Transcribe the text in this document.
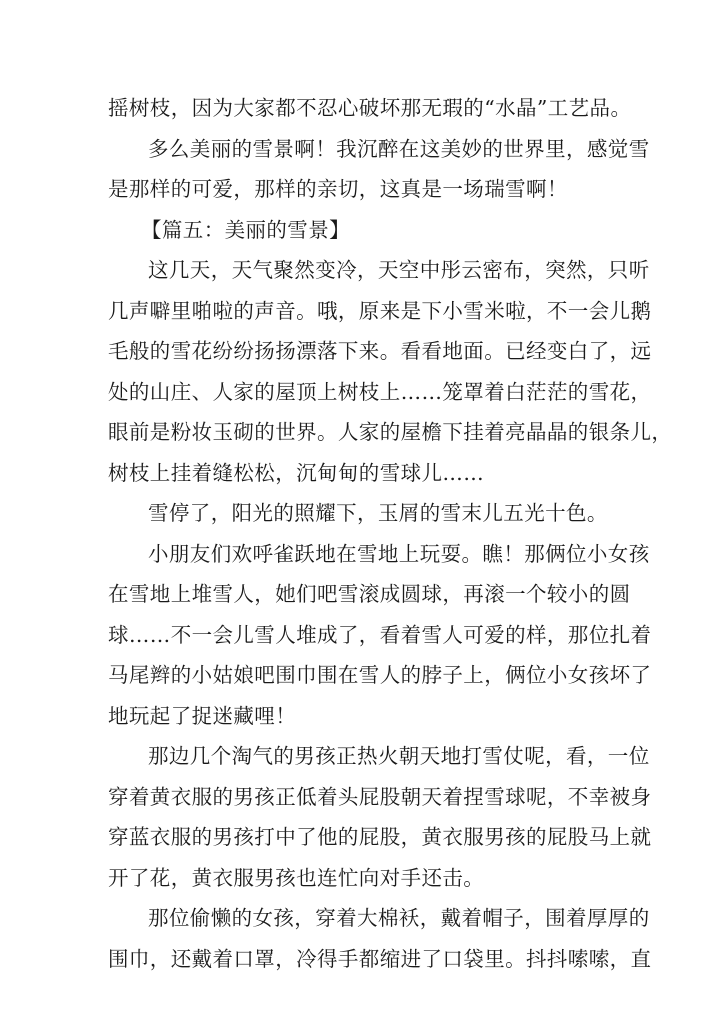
摇树枝，因为大家都不忍心破坏那无瑕的“水晶”工艺品。
多么美丽的雪景啊！我沉醉在这美妙的世界里，感觉雪
是那样的可爱，那样的亲切，这真是一场瑞雪啊！
【篇五：美丽的雪景】
这几天，天气聚然变冷，天空中彤云密布，突然，只听
几声噼里啪啦的声音。哦，原来是下小雪米啦，不一会儿鹅
毛般的雪花纷纷扬扬漂落下来。看看地面。已经变白了，远
处的山庄、人家的屋顶上树枝上……笼罩着白茫茫的雪花，
眼前是粉妆玉砌的世界。人家的屋檐下挂着亮晶晶的银条儿，
树枝上挂着缝松松，沉甸甸的雪球儿……
雪停了，阳光的照耀下，玉屑的雪末儿五光十色。
小朋友们欢呼雀跃地在雪地上玩耍。瞧！那俩位小女孩
在雪地上堆雪人，她们吧雪滚成圆球，再滚一个较小的圆
球……不一会儿雪人堆成了，看着雪人可爱的样，那位扎着
马尾辫的小姑娘吧围巾围在雪人的脖子上，俩位小女孩坏了
地玩起了捉迷藏哩！
那边几个淘气的男孩正热火朝天地打雪仗呢，看，一位
穿着黄衣服的男孩正低着头屁股朝天着捏雪球呢，不幸被身
穿蓝衣服的男孩打中了他的屁股，黄衣服男孩的屁股马上就
开了花，黄衣服男孩也连忙向对手还击。
那位偷懒的女孩，穿着大棉袄，戴着帽子，围着厚厚的
围巾，还戴着口罩，冷得手都缩进了口袋里。抖抖嗦嗦，直
